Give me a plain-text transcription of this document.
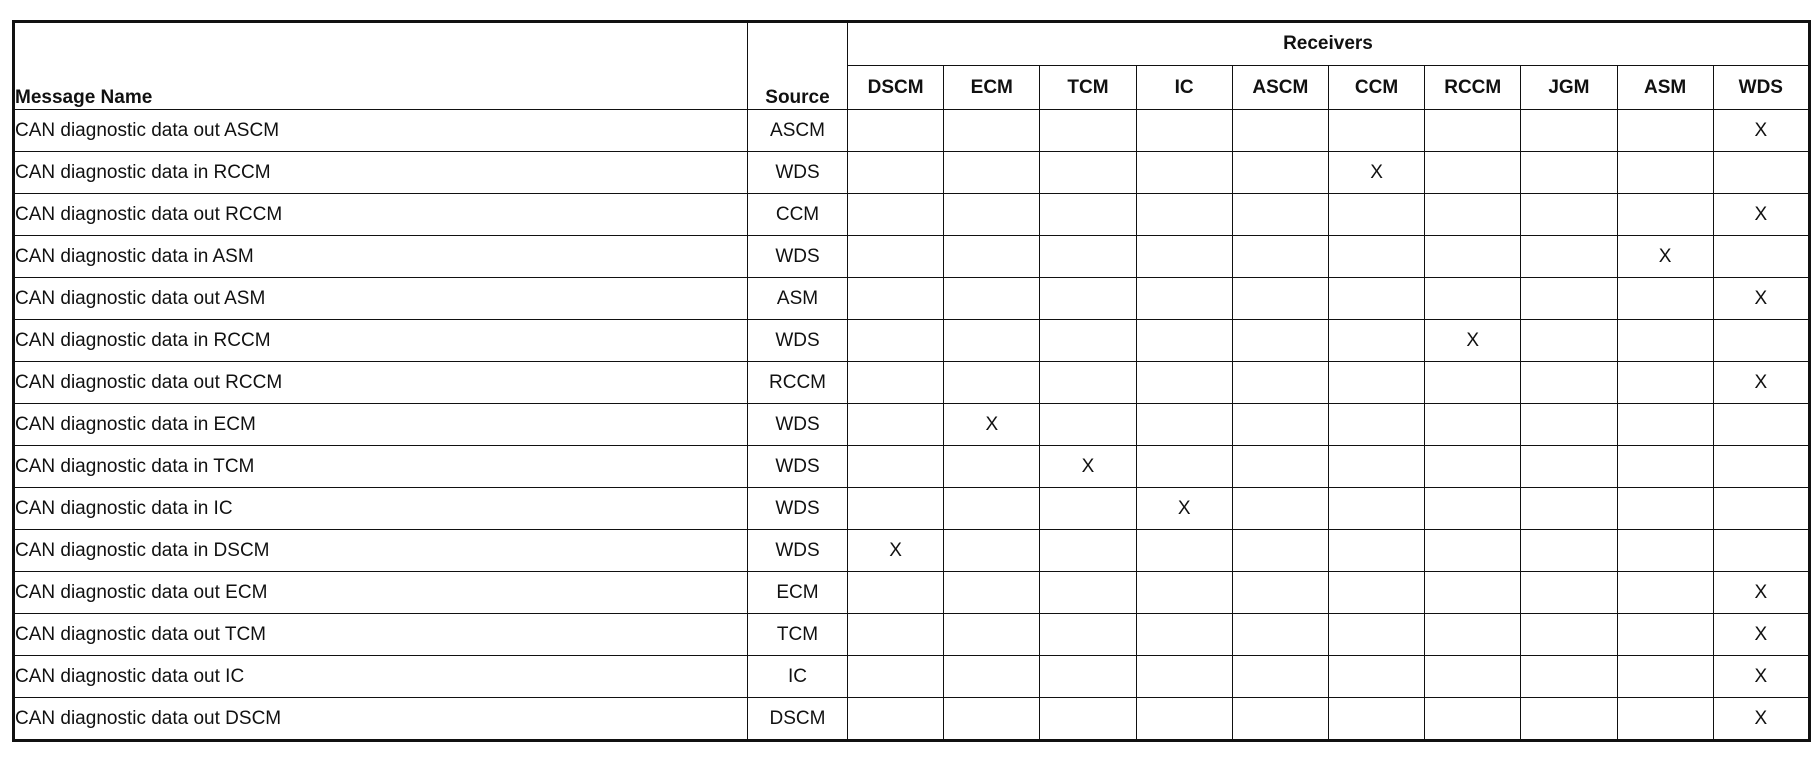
Message Name	Source	Receivers									
		DSCM	ECM	TCM	IC	ASCM	CCM	RCCM	JGM	ASM	WDS
CAN diagnostic data out ASCM	ASCM										X
CAN diagnostic data in RCCM	WDS						X				
CAN diagnostic data out RCCM	CCM										X
CAN diagnostic data in ASM	WDS									X	
CAN diagnostic data out ASM	ASM										X
CAN diagnostic data in RCCM	WDS							X			
CAN diagnostic data out RCCM	RCCM										X
CAN diagnostic data in ECM	WDS		X								
CAN diagnostic data in TCM	WDS			X							
CAN diagnostic data in IC	WDS				X						
CAN diagnostic data in DSCM	WDS	X									
CAN diagnostic data out ECM	ECM										X
CAN diagnostic data out TCM	TCM										X
CAN diagnostic data out IC	IC										X
CAN diagnostic data out DSCM	DSCM										X
